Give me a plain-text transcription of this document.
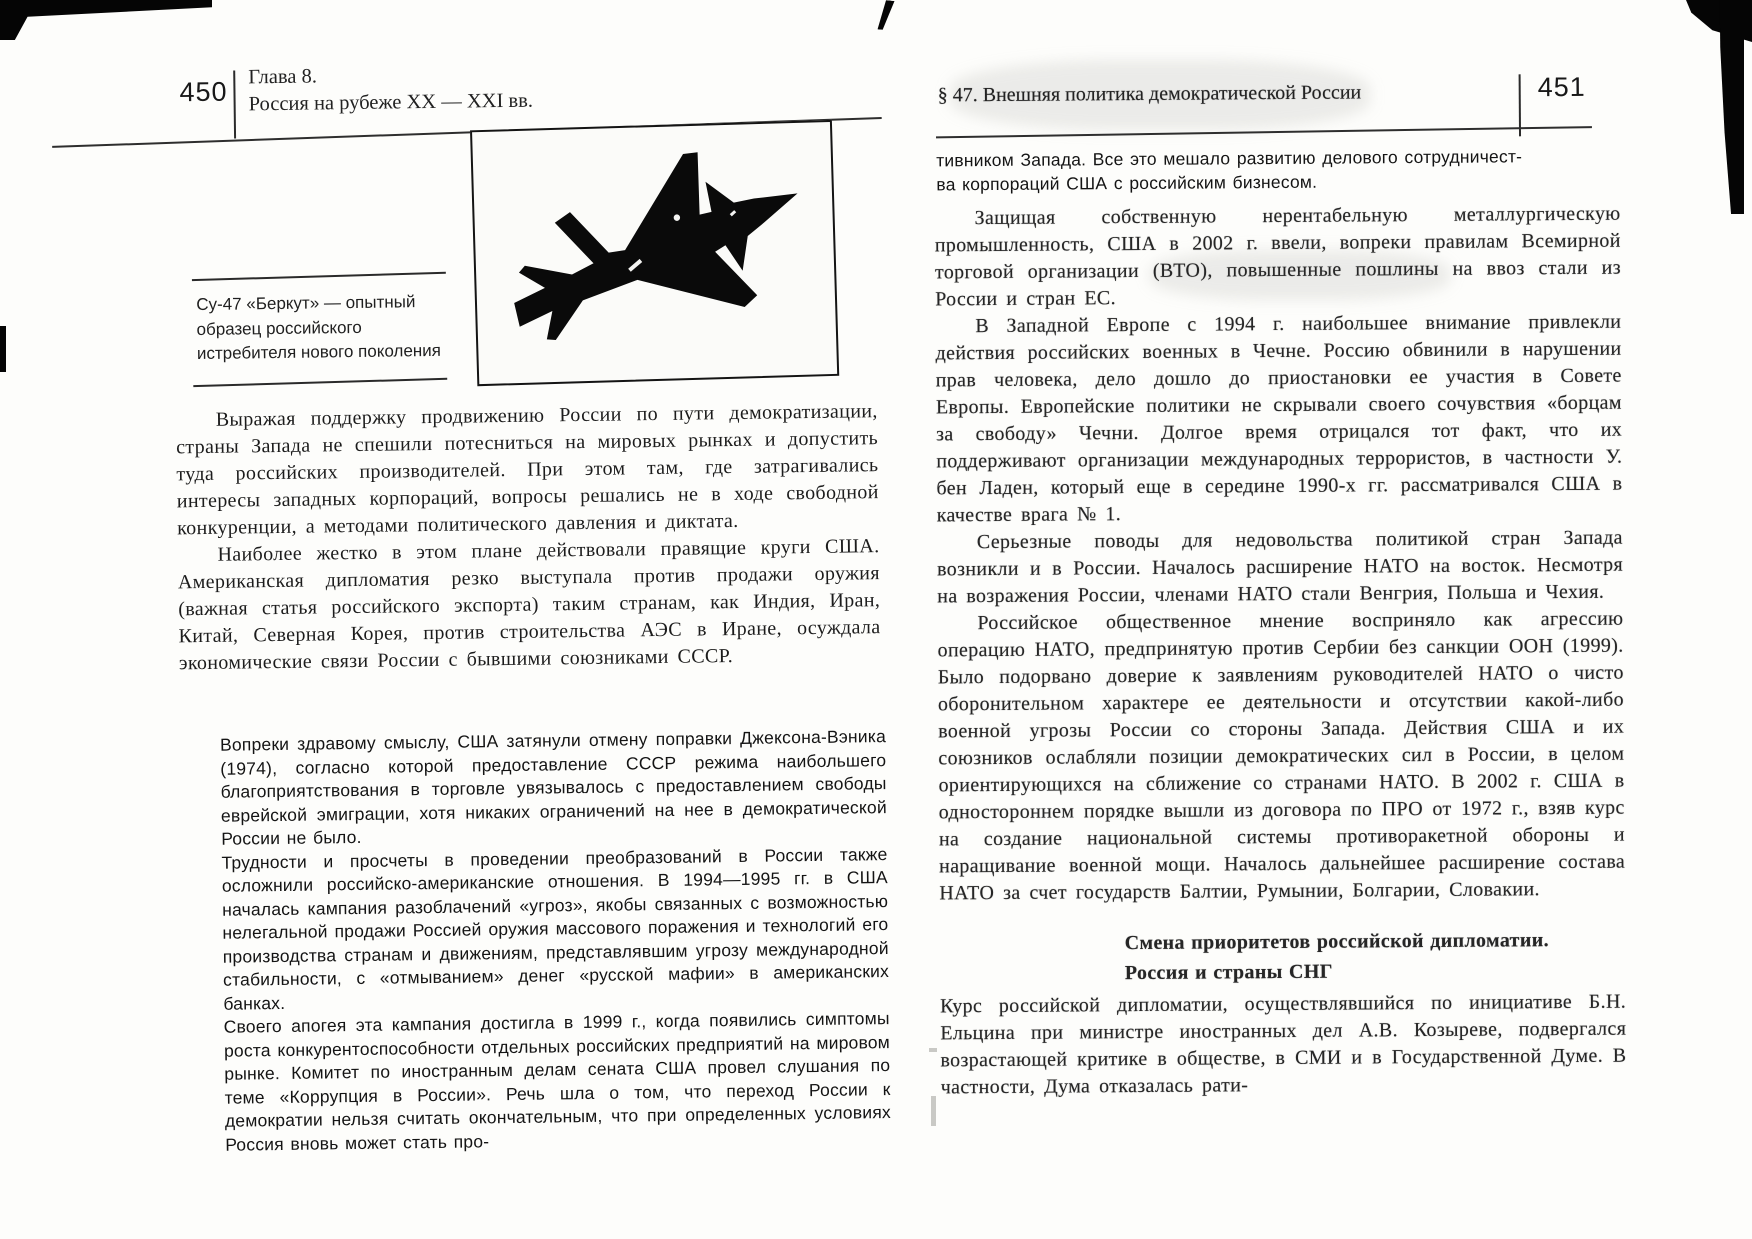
450 Глава 8.
Россия на рубеже XX — XXI вв.
Су-47 «Беркут» — опытный образец российского истребителя нового поколения

Выражая поддержку продвижению России по пути демократизации, страны Запада не спешили потесниться на мировых рынках и допустить туда российских производителей. При этом там, где затрагивались интересы западных корпораций, вопросы решались не в ходе свободной конкуренции, а методами политического давления и диктата.

Наиболее жестко в этом плане действовали правящие круги США. Американская дипломатия резко выступала против продажи оружия (важная статья российского экспорта) таким странам, как Индия, Иран, Китай, Северная Корея, против строительства АЭС в Иране, осуждала экономические связи России с бывшими союзниками СССР.

Вопреки здравому смыслу, США затянули отмену поправки Джексона-Вэника (1974), согласно которой предоставление СССР режима наибольшего благоприятствования в торговле увязывалось с предоставлением свободы еврейской эмиграции, хотя никаких ограничений на нее в демократической России не было.

Трудности и просчеты в проведении преобразований в России также осложнили российско-американские отношения. В 1994—1995 гг. в США началась кампания разоблачений «угроз», якобы связанных с возможностью нелегальной продажи Россией оружия массового поражения и технологий его производства странам и движениям, представлявшим угрозу международной стабильности, с «отмыванием» денег «русской мафии» в американских банках.

Своего апогея эта кампания достигла в 1999 г., когда появились симптомы роста конкурентоспособности отдельных российских предприятий на мировом рынке. Комитет по иностранным делам сената США провел слушания по теме «Коррупция в России». Речь шла о том, что переход России к демократии нельзя считать окончательным, что при определенных условиях Россия вновь может стать про-

§ 47. Внешняя политика демократической России	451

тивником Запада. Все это мешало развитию делового сотрудничест-

ва корпораций США с российским бизнесом.

Защищая собственную нерентабельную металлургическую промышленность, США в 2002 г. ввели, вопреки правилам Всемирной торговой организации (ВТО), повышенные пошлины на ввоз стали из России и стран ЕС.

В Западной Европе с 1994 г. наибольшее внимание привлекли действия российских военных в Чечне. Россию обвинили в нарушении прав человека, дело дошло до приостановки ее участия в Совете Европы. Европейские политики не скрывали своего сочувствия «борцам за свободу» Чечни. Долгое время отрицался тот факт, что их поддерживают организации международных террористов, в частности У. бен Ладен, который еще в середине 1990-х гг. рассматривался США в качестве врага № 1.

Серьезные поводы для недовольства политикой стран Запада возникли и в России. Началось расширение НАТО на восток. Несмотря на возражения России, членами НАТО стали Венгрия, Польша и Чехия.

Российское общественное мнение восприняло как агрессию операцию НАТО, предпринятую против Сербии без санкции ООН (1999). Было подорвано доверие к заявлениям руководителей НАТО о чисто оборонительном характере ее деятельности и отсутствии какой-либо военной угрозы России со стороны Запада. Действия США и их союзников ослабляли позиции демократических сил в России, в целом ориентирующихся на сближение со странами НАТО. В 2002 г. США в одностороннем порядке вышли из договора по ПРО от 1972 г., взяв курс на создание национальной системы противоракетной обороны и наращивание военной мощи. Началось дальнейшее расширение состава НАТО за счет государств Балтии, Румынии, Болгарии, Словакии.

Смена приоритетов российской дипломатии.
Россия и страны СНГ

Курс российской дипломатии, осуществлявшийся по инициативе Б.Н. Ельцина при министре иностранных дел А.В. Козыреве, подвергался возрастающей критике в обществе, в СМИ и в Государственной Думе. В частности, Дума отказалась рати-
